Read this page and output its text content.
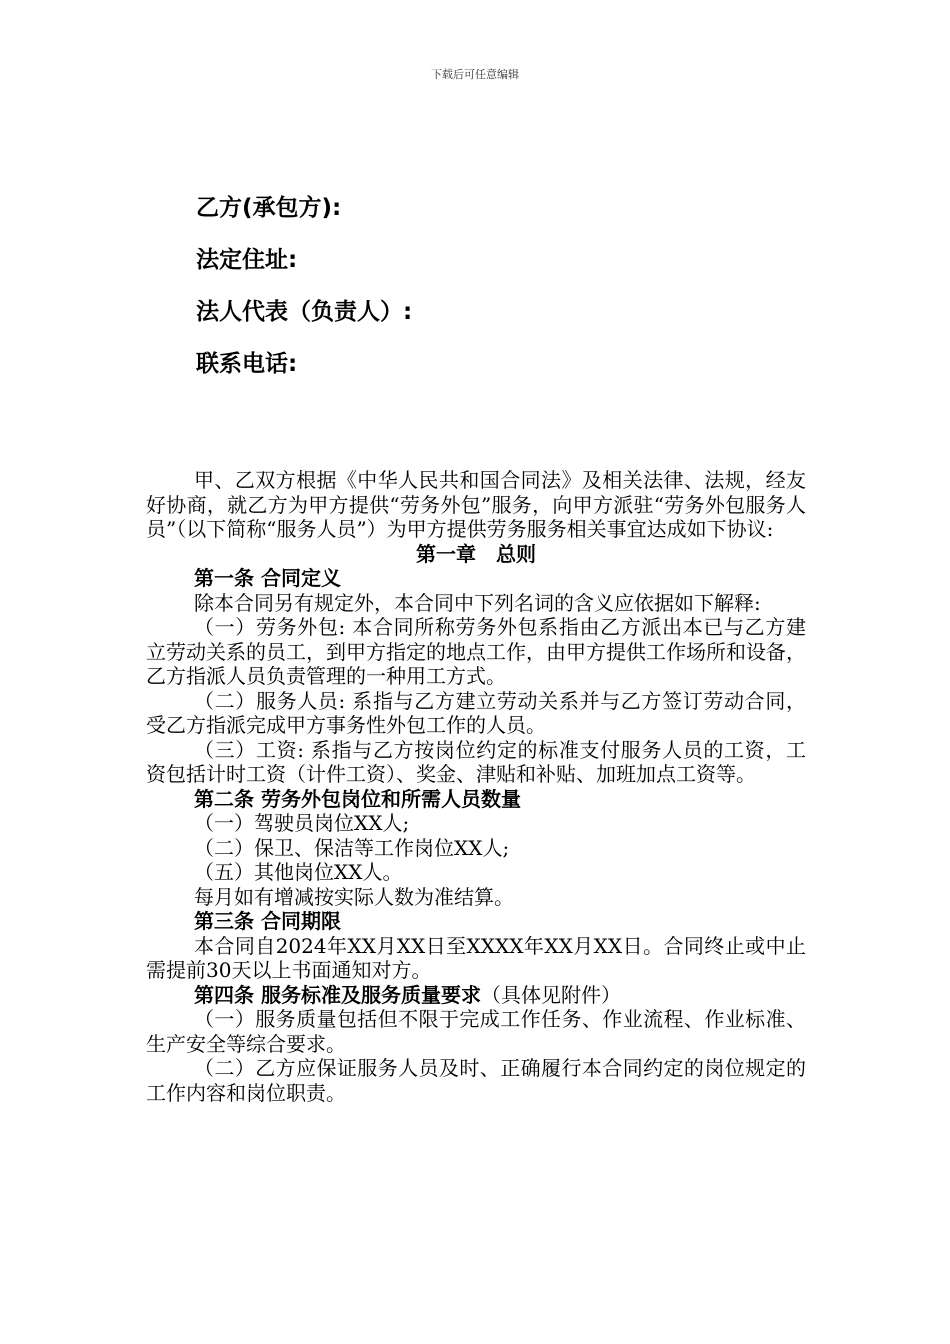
下载后可任意编辑
乙方(承包方):
法定住址:
法人代表（负责人）:
联系电话:

甲、乙双方根据《中华人民共和国合同法》及相关法律、法规，经友好协商，就乙方为甲方提供“劳务外包”服务，向甲方派驻“劳务外包服务人员”（以下简称“服务人员”）为甲方提供劳务服务相关事宜达成如下协议:

第一章　总则

第一条 合同定义

除本合同另有规定外，本合同中下列名词的含义应依据如下解释:

（一）劳务外包: 本合同所称劳务外包系指由乙方派出本已与乙方建立劳动关系的员工，到甲方指定的地点工作，由甲方提供工作场所和设备，乙方指派人员负责管理的一种用工方式。

（二）服务人员: 系指与乙方建立劳动关系并与乙方签订劳动合同，受乙方指派完成甲方事务性外包工作的人员。

（三）工资: 系指与乙方按岗位约定的标准支付服务人员的工资，工资包括计时工资（计件工资）、奖金、津贴和补贴、加班加点工资等。

第二条 劳务外包岗位和所需人员数量

（一）驾驶员岗位XX人;

（二）保卫、保洁等工作岗位XX人;

（五）其他岗位XX人。

每月如有增减按实际人数为准结算。

第三条 合同期限

本合同自2024年XX月XX日至XXXX年XX月XX日。合同终止或中止需提前30天以上书面通知对方。

第四条 服务标准及服务质量要求（具体见附件）

（一）服务质量包括但不限于完成工作任务、作业流程、作业标准、生产安全等综合要求。

（二）乙方应保证服务人员及时、正确履行本合同约定的岗位规定的工作内容和岗位职责。
